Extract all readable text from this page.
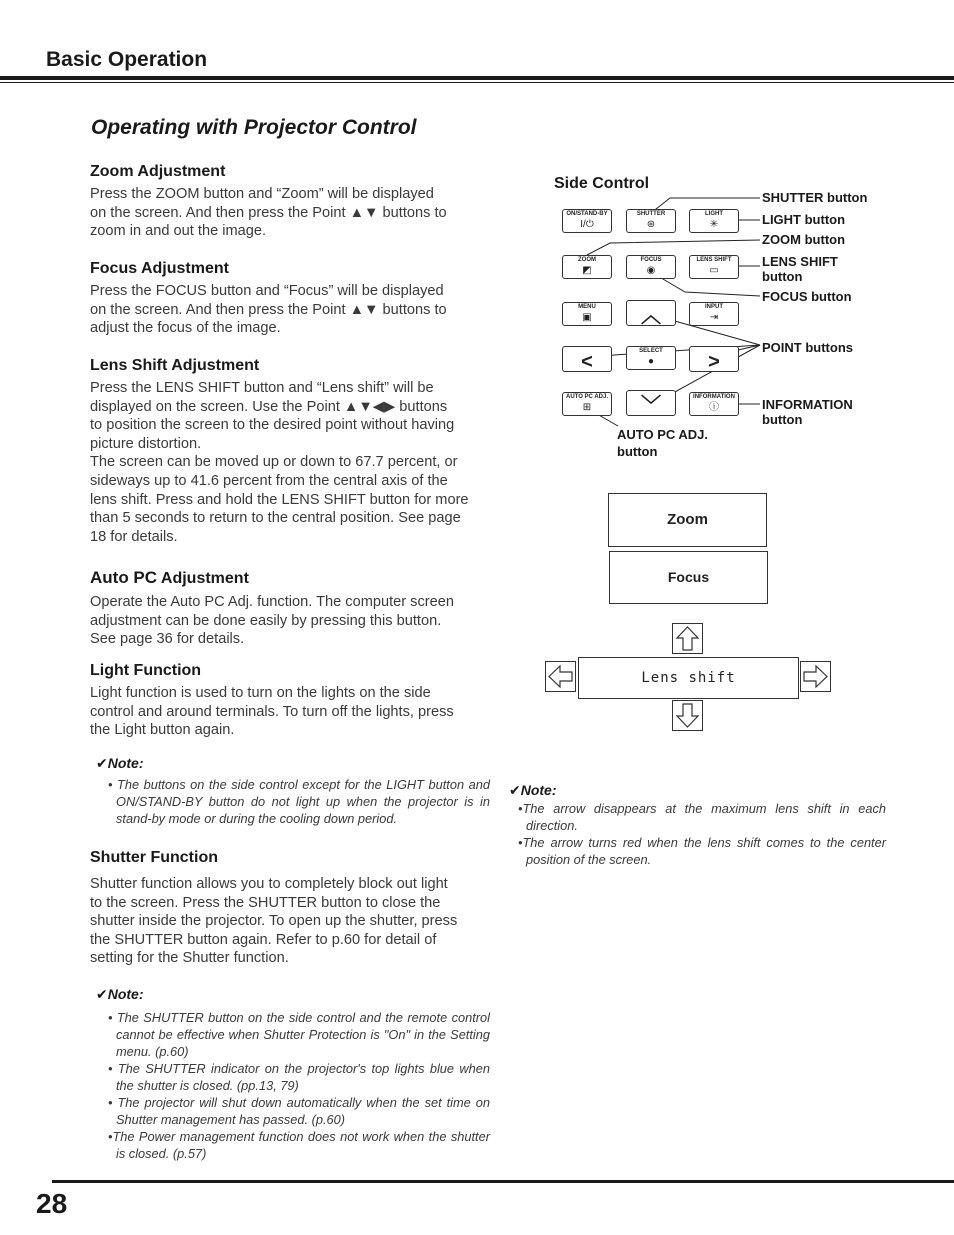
Basic Operation
Operating with Projector Control
Zoom Adjustment
Press the ZOOM button and “Zoom” will be displayed
on the screen. And then press the Point ▲▼ buttons to
zoom in and out the image.
Focus Adjustment
Press the FOCUS button and “Focus” will be displayed
on the screen. And then press the Point ▲▼ buttons to
adjust the focus of the image.
Lens Shift Adjustment
Press the LENS SHIFT button and “Lens shift” will be
displayed on the screen. Use the Point ▲▼◀▶ buttons
to position the screen to the desired point without having
picture distortion.
The screen can be moved up or down to 67.7 percent, or
sideways up to 41.6 percent from the central axis of the
lens shift. Press and hold the LENS SHIFT button for more
than 5 seconds to return to the central position. See page
18 for details.
Auto PC Adjustment
Operate the Auto PC Adj. function. The computer screen
adjustment can be done easily by pressing this button.
See page 36 for details.
Light Function
Light function is used to turn on the lights on the side
control and around terminals. To turn off the lights, press
the Light button again.
✔Note:
• The buttons on the side control except for the LIGHT button and ON/STAND-BY button do not light up when the projector is in stand-by mode or during the cooling down period.
Shutter Function
Shutter function allows you to completely block out light
to the screen. Press the SHUTTER button to close the
shutter inside the projector. To open up the shutter, press
the SHUTTER button again. Refer to p.60 for detail of
setting for the Shutter function.
✔Note:
• The SHUTTER button on the side control and the remote control cannot be effective when Shutter Protection is "On" in the Setting menu. (p.60)
• The SHUTTER indicator on the projector's top lights blue when the shutter is closed. (pp.13, 79)
• The projector will shut down automatically when the set time on Shutter management has passed. (p.60)
•The Power management function does not work when the shutter is closed. (p.57)
Side Control
ON/STAND-BY
I/⏻
SHUTTER
⊛
LIGHT
✳
ZOOM
◩
FOCUS
◉
LENS SHIFT
▭
MENU
▣	︿	INPUT
⇥
<	SELECT
●	>
AUTO PC ADJ.
⊞	﹀	INFORMATION
ⓘ
SHUTTER button
LIGHT button
ZOOM button
LENS SHIFT
button
FOCUS button
POINT buttons
INFORMATION
button
AUTO PC ADJ.
button
Zoom
Focus
Lens shift
✔Note:
•The arrow disappears at the maximum lens shift in each direction.
•The arrow turns red when the lens shift comes to the center position of the screen.
28
